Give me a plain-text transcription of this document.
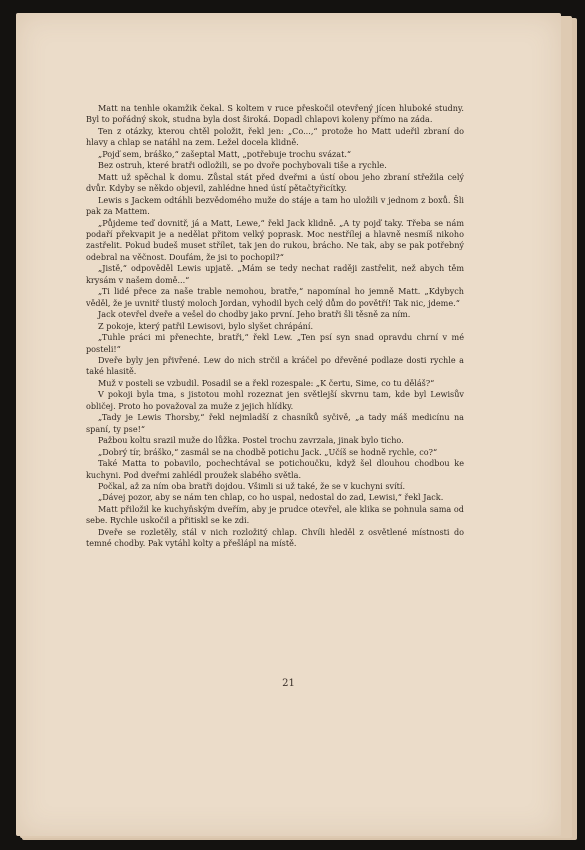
Matt na tenhle okamžik čekal. S koltem v ruce přeskočil otevřený jícen hluboké studny. Byl to pořádný skok, studna byla dost široká. Dopadl chlapovi koleny přímo na záda.

Ten z otázky, kterou chtěl položit, řekl jen: „Co...,“ protože ho Matt udeřil zbraní do hlavy a chlap se natáhl na zem. Ležel docela klidně.

„Pojď sem, bráško,“ zašeptal Matt, „potřebuje trochu svázat.“

Bez ostruh, které bratři odložili, se po dvoře pochybovali tiše a rychle.

Matt už spěchal k domu. Zůstal stát před dveřmi a ústí obou jeho zbraní střežila celý dvůr. Kdyby se někdo objevil, zahlédne hned ústí pětačtyřicítky.

Lewis s Jackem odtáhli bezvědomého muže do stáje a tam ho uložili v jednom z boxů. Šli pak za Mattem.

„Půjdeme teď dovnitř, já a Matt, Lewe,“ řekl Jack klidně. „A ty pojď taky. Třeba se nám podaří překvapit je a nedělat přitom velký poprask. Moc nestřílej a hlavně nesmíš nikoho zastřelit. Pokud budeš muset střílet, tak jen do rukou, brácho. Ne tak, aby se pak potřebný odebral na věčnost. Doufám, že jsi to pochopil?“

„Jistě,“ odpověděl Lewis upjatě. „Mám se tedy nechat raději zastřelit, než abych těm krysám v našem domě...“

„Ti lidé přece za naše trable nemohou, bratře,“ napomínal ho jemně Matt. „Kdybych věděl, že je uvnitř tlustý moloch Jordan, vyhodil bych celý dům do povětří! Tak nic, jdeme.“

Jack otevřel dveře a vešel do chodby jako první. Jeho bratři šli těsně za ním.

Z pokoje, který patřil Lewisovi, bylo slyšet chrápání.

„Tuhle práci mi přenechte, bratři,“ řekl Lew. „Ten psí syn snad opravdu chrní v mé posteli!“

Dveře byly jen přivřené. Lew do nich strčil a kráčel po dřevěné podlaze dosti rychle a také hlasitě.

Muž v posteli se vzbudil. Posadil se a řekl rozespale: „K čertu, Sime, co tu děláš?“

V pokoji byla tma, s jistotou mohl rozeznat jen světlejší skvrnu tam, kde byl Lewisův obličej. Proto ho považoval za muže z jejich hlídky.

„Tady je Lewis Thorsby,“ řekl nejmladší z chasníků syčivě, „a tady máš medicínu na spaní, ty pse!“

Pažbou koltu srazil muže do lůžka. Postel trochu zavrzala, jinak bylo ticho.

„Dobrý tír, bráško,“ zasmál se na chodbě potichu Jack. „Učíš se hodně rychle, co?“

Také Matta to pobavilo, pochechtával se potichoučku, když šel dlouhou chodbou ke kuchyni. Pod dveřmi zahlédl proužek slabého světla.

Počkal, až za ním oba bratři dojdou. Všimli si už také, že se v kuchyni svítí.

„Dávej pozor, aby se nám ten chlap, co ho uspal, nedostal do zad, Lewisi,“ řekl Jack.

Matt přiložil ke kuchyňským dveřím, aby je prudce otevřel, ale klika se pohnula sama od sebe. Rychle uskočil a přitiskl se ke zdi.

Dveře se rozletěly, stál v nich rozložitý chlap. Chvíli hleděl z osvětlené místnosti do temné chodby. Pak vytáhl kolty a přešlápl na místě.

21
